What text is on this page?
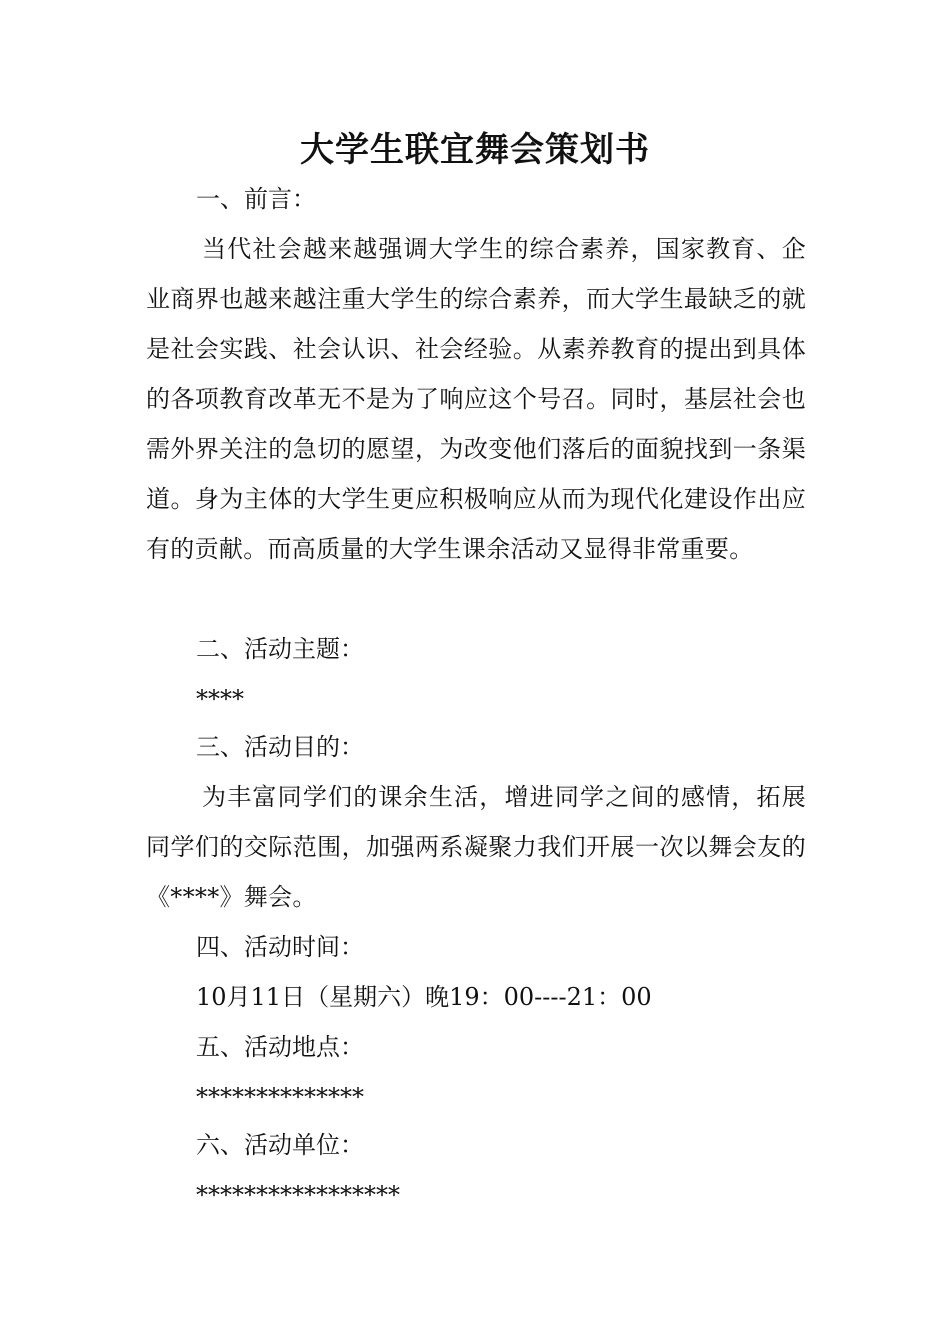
大学生联宜舞会策划书
一、前言：
当代社会越来越强调大学生的综合素养，国家教育、企业商界也越来越注重大学生的综合素养，而大学生最缺乏的就是社会实践、社会认识、社会经验。从素养教育的提出到具体的各项教育改革无不是为了响应这个号召。同时，基层社会也需外界关注的急切的愿望，为改变他们落后的面貌找到一条渠道。身为主体的大学生更应积极响应从而为现代化建设作出应有的贡献。而高质量的大学生课余活动又显得非常重要。
二、活动主题：
****
三、活动目的：
为丰富同学们的课余生活，增进同学之间的感情，拓展同学们的交际范围，加强两系凝聚力我们开展一次以舞会友的《****》舞会。
四、活动时间：
10月11日（星期六）晚19：00----21：00
五、活动地点：
**************
六、活动单位：
*****************
